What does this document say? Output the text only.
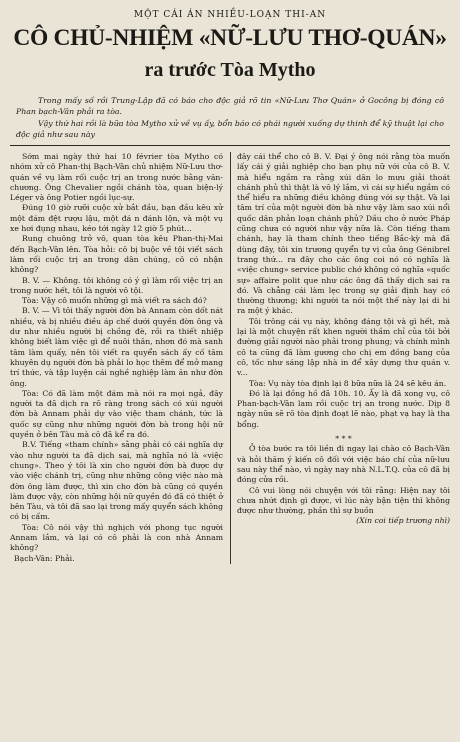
MỘT CÁI ÁN NHIỀU-LOẠN THI-AN
CÔ CHỦ-NHIỆM «NỮ-LƯU THƠ-QUÁN»
ra trước Tòa Mytho

Trong mấy số rồi Trung-Lập đã có báo cho độc giả rõ tin «Nữ-Lưu Thơ Quán» ở Gocông bị đóng cô Phan bạch-Vân phải ra tòa.

Vậy thứ hai rồi là bữa tòa Mytho xử về vụ ấy, bổn báo có phái người xuống dự thinh để kỹ thuật lại cho độc giả như sau này

Sớm mai ngày thứ hai 10 février tòa Mytho có nhóm xử cô Phan-thị Bạch-Vân chủ nhiệm Nữ-Lưu thơ-quán về vụ làm rối cuộc trị an trong nước bằng văn-chương. Ông Chevalier ngồi chánh tòa, quan biện-lý Léger và ông Potier ngồi lục-sự.

Đúng 10 giờ rưỡi cuộc xử bắt đầu, bạn đầu kêu xử một đám đệt rượu lậu, một đá n đánh lộn, và một vụ xe hơi đụng nhau, kéo tới ngày 12 giờ 5 phút...

Rung chuông trở vô, quan tòa kêu Phan-thị-Mai đến Bạch-Vân lên. Tòa hỏi: cô bị buộc về tội viết sách làm rối cuộc trị an trong dân chúng, cô có nhận không?

B. V. — Không. tôi không có ý gì làm rối việc trị an trong nước hết, tôi là người vô tội.

Tòa: Vậy cô muốn những gì mà viết ra sách đó?

B. V. — Vì tôi thấy người đờn bà Annam còn dốt nát nhiều, và bị nhiều điều áp chế dưới quyền đờn ông và dư như nhiều người bị chồng đè, rồi ra thiết nhiệp không biết làm việc gì để nuôi thân, nhơn đó mà sanh tâm làm quấy, nên tôi viết ra quyển sách ấy cố tâm khuyên dụ người đờn bà phải lo học thêm để mở mang trí thức, và tập luyện cái nghề nghiệp làm ăn như đờn ông.

Tòa: Có đã làm một đám mà nói ra mọi ngả, đây người ta đã dịch ra rõ ràng trong sách có xúi người đờn bà Annam phải dự vào việc tham chánh, tức là quốc sự cũng như những người đờn bà trong hội nữ quyền ở bên Tàu mà cô đã kể ra đó.

B.V. Tiếng «tham chính» sằng phải có cái nghĩa dự vào như người ta đã dịch sai, mà nghĩa nó là «việc chung». Theo ý tôi là xin cho người đờn bà được dự vào việc chánh trị, cũng như những công việc nào mà đờn ông làm được, thì xin cho đờn bà cũng có quyền làm được vậy, còn những hội nữ quyền đó đã có thiệt ở bên Tàu, và tôi đã sao lại trong mấy quyển sách không có bị cấm.

Tòa: Cô nói vậy thì nghịch với phong tục người Annam lắm, và lại có cô phải là con nhà Annam không?

Bạch-Vân: Phải.

đây cái thể cho cô B. V. Đại ý ông nói rằng tòa muốn lấy cái ý giải nghiệp cho bạn phụ nữ với của cô B. V. mà hiểu ngầm ra rằng xúi dân lo mưu giải thoát chánh phủ thì thật là vô lý lắm, vì cái sự hiểu ngầm có thể hiểu ra những điều không đúng với sự thật. Và lại tâm trí của một người đờn bà như vậy làm sao xúi nổi quốc dân phản loạn chánh phủ? Dầu cho ở nước Pháp cũng chưa có người như vậy nữa là. Còn tiếng tham chánh, hay là tham chính theo tiếng Bắc-kỳ mà đã dùng đây, tôi xin trương quyển tự vị của ông Génibrel trang thứ... ra đây cho các ông coi nó có nghĩa là «việc chung» service public chớ không có nghĩa «quốc sự» affaire polit que như các ông đã thấy dịch sai ra đó. Và chẳng cái làm lẹc trong sự giải định hay có thường thương; khi người ta nói một thế này lại di hi ra một ý khác.

Tôi trông cái vụ này, không đáng tội và gì hết, mà lại là một chuyện rất khen người thầm chỉ của tôi bởi đường giải người nào phải trong phung; và chính mình cô ta cũng đã làm gương cho chị em đồng bang của cô, tốc như sáng lập nhà in để xây dựng thư quán v. v...

Tòa: Vụ này tòa định lại 8 bữa nữa là 24 sẽ kêu án.

Đó là lại đồng hồ đã 10h. 10. Ấy là đã xong vụ, cô Phan-bạch-Vân lam rồi cuộc trị an trong nước. Dịp 8 ngày nữa sẽ rõ tòa định đoạt lẽ nào, phạt vạ hay là tha bổng.

* * *

Ở tòa bước ra tôi liền đi ngay lại chào cô Bạch-Vân và hỏi thăm ý kiến cô đối với việc báo chí của nữ-lưu sau này thể nào, vì ngày nay nhà N.L.T.Q. của cô đã bị đóng cửa rồi.

Cô vui lòng nói chuyện với tôi rằng: Hiện nay tôi chưa nhứt định gì được, vì lúc này bận tiện thì không được như thường, phần thì sự buồn

(Xin coi tiếp trương nhì)
